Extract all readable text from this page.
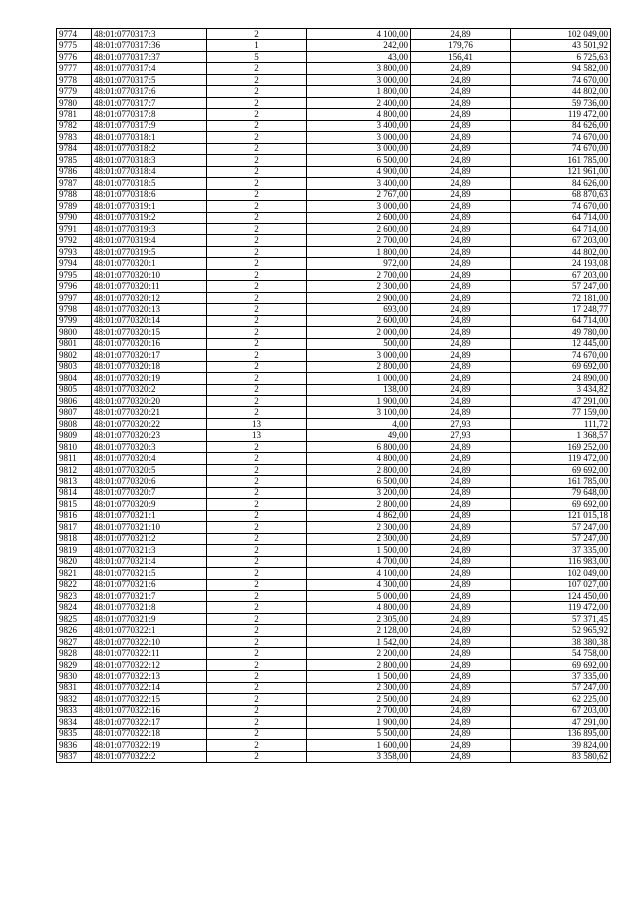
9774	48:01:0770317:3	2	4 100,00	24,89	102 049,00
9775	48:01:0770317:36	1	242,00	179,76	43 501,92
9776	48:01:0770317:37	5	43,00	156,41	6 725,63
9777	48:01:0770317:4	2	3 800,00	24,89	94 582,00
9778	48:01:0770317:5	2	3 000,00	24,89	74 670,00
9779	48:01:0770317:6	2	1 800,00	24,89	44 802,00
9780	48:01:0770317:7	2	2 400,00	24,89	59 736,00
9781	48:01:0770317:8	2	4 800,00	24,89	119 472,00
9782	48:01:0770317:9	2	3 400,00	24,89	84 626,00
9783	48:01:0770318:1	2	3 000,00	24,89	74 670,00
9784	48:01:0770318:2	2	3 000,00	24,89	74 670,00
9785	48:01:0770318:3	2	6 500,00	24,89	161 785,00
9786	48:01:0770318:4	2	4 900,00	24,89	121 961,00
9787	48:01:0770318:5	2	3 400,00	24,89	84 626,00
9788	48:01:0770318:6	2	2 767,00	24,89	68 870,63
9789	48:01:0770319:1	2	3 000,00	24,89	74 670,00
9790	48:01:0770319:2	2	2 600,00	24,89	64 714,00
9791	48:01:0770319:3	2	2 600,00	24,89	64 714,00
9792	48:01:0770319:4	2	2 700,00	24,89	67 203,00
9793	48:01:0770319:5	2	1 800,00	24,89	44 802,00
9794	48:01:0770320:1	2	972,00	24,89	24 193,08
9795	48:01:0770320:10	2	2 700,00	24,89	67 203,00
9796	48:01:0770320:11	2	2 300,00	24,89	57 247,00
9797	48:01:0770320:12	2	2 900,00	24,89	72 181,00
9798	48:01:0770320:13	2	693,00	24,89	17 248,77
9799	48:01:0770320:14	2	2 600,00	24,89	64 714,00
9800	48:01:0770320:15	2	2 000,00	24,89	49 780,00
9801	48:01:0770320:16	2	500,00	24,89	12 445,00
9802	48:01:0770320:17	2	3 000,00	24,89	74 670,00
9803	48:01:0770320:18	2	2 800,00	24,89	69 692,00
9804	48:01:0770320:19	2	1 000,00	24,89	24 890,00
9805	48:01:0770320:2	2	138,00	24,89	3 434,82
9806	48:01:0770320:20	2	1 900,00	24,89	47 291,00
9807	48:01:0770320:21	2	3 100,00	24,89	77 159,00
9808	48:01:0770320:22	13	4,00	27,93	111,72
9809	48:01:0770320:23	13	49,00	27,93	1 368,57
9810	48:01:0770320:3	2	6 800,00	24,89	169 252,00
9811	48:01:0770320:4	2	4 800,00	24,89	119 472,00
9812	48:01:0770320:5	2	2 800,00	24,89	69 692,00
9813	48:01:0770320:6	2	6 500,00	24,89	161 785,00
9814	48:01:0770320:7	2	3 200,00	24,89	79 648,00
9815	48:01:0770320:9	2	2 800,00	24,89	69 692,00
9816	48:01:0770321:1	2	4 862,00	24,89	121 015,18
9817	48:01:0770321:10	2	2 300,00	24,89	57 247,00
9818	48:01:0770321:2	2	2 300,00	24,89	57 247,00
9819	48:01:0770321:3	2	1 500,00	24,89	37 335,00
9820	48:01:0770321:4	2	4 700,00	24,89	116 983,00
9821	48:01:0770321:5	2	4 100,00	24,89	102 049,00
9822	48:01:0770321:6	2	4 300,00	24,89	107 027,00
9823	48:01:0770321:7	2	5 000,00	24,89	124 450,00
9824	48:01:0770321:8	2	4 800,00	24,89	119 472,00
9825	48:01:0770321:9	2	2 305,00	24,89	57 371,45
9826	48:01:0770322:1	2	2 128,00	24,89	52 965,92
9827	48:01:0770322:10	2	1 542,00	24,89	38 380,38
9828	48:01:0770322:11	2	2 200,00	24,89	54 758,00
9829	48:01:0770322:12	2	2 800,00	24,89	69 692,00
9830	48:01:0770322:13	2	1 500,00	24,89	37 335,00
9831	48:01:0770322:14	2	2 300,00	24,89	57 247,00
9832	48:01:0770322:15	2	2 500,00	24,89	62 225,00
9833	48:01:0770322:16	2	2 700,00	24,89	67 203,00
9834	48:01:0770322:17	2	1 900,00	24,89	47 291,00
9835	48:01:0770322:18	2	5 500,00	24,89	136 895,00
9836	48:01:0770322:19	2	1 600,00	24,89	39 824,00
9837	48:01:0770322:2	2	3 358,00	24,89	83 580,62
